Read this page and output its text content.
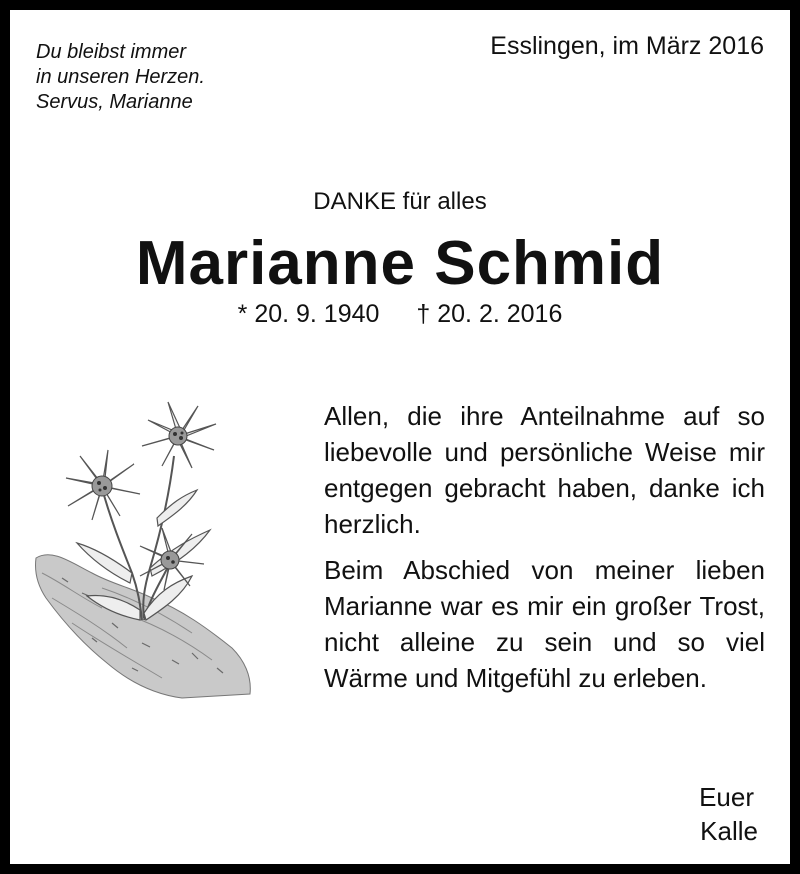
Du bleibst immer
in unseren Herzen.
Servus, Marianne
Esslingen, im März 2016
DANKE für alles
Marianne Schmid
* 20. 9. 1940 † 20. 2. 2016

Allen, die ihre Anteilnahme auf so liebevolle und persönliche Weise mir entgegen gebracht haben, danke ich herzlich.

Beim Abschied von meiner lieben Marianne war es mir ein großer Trost, nicht alleine zu sein und so viel Wärme und Mitgefühl zu erleben.

Euer
Kalle
